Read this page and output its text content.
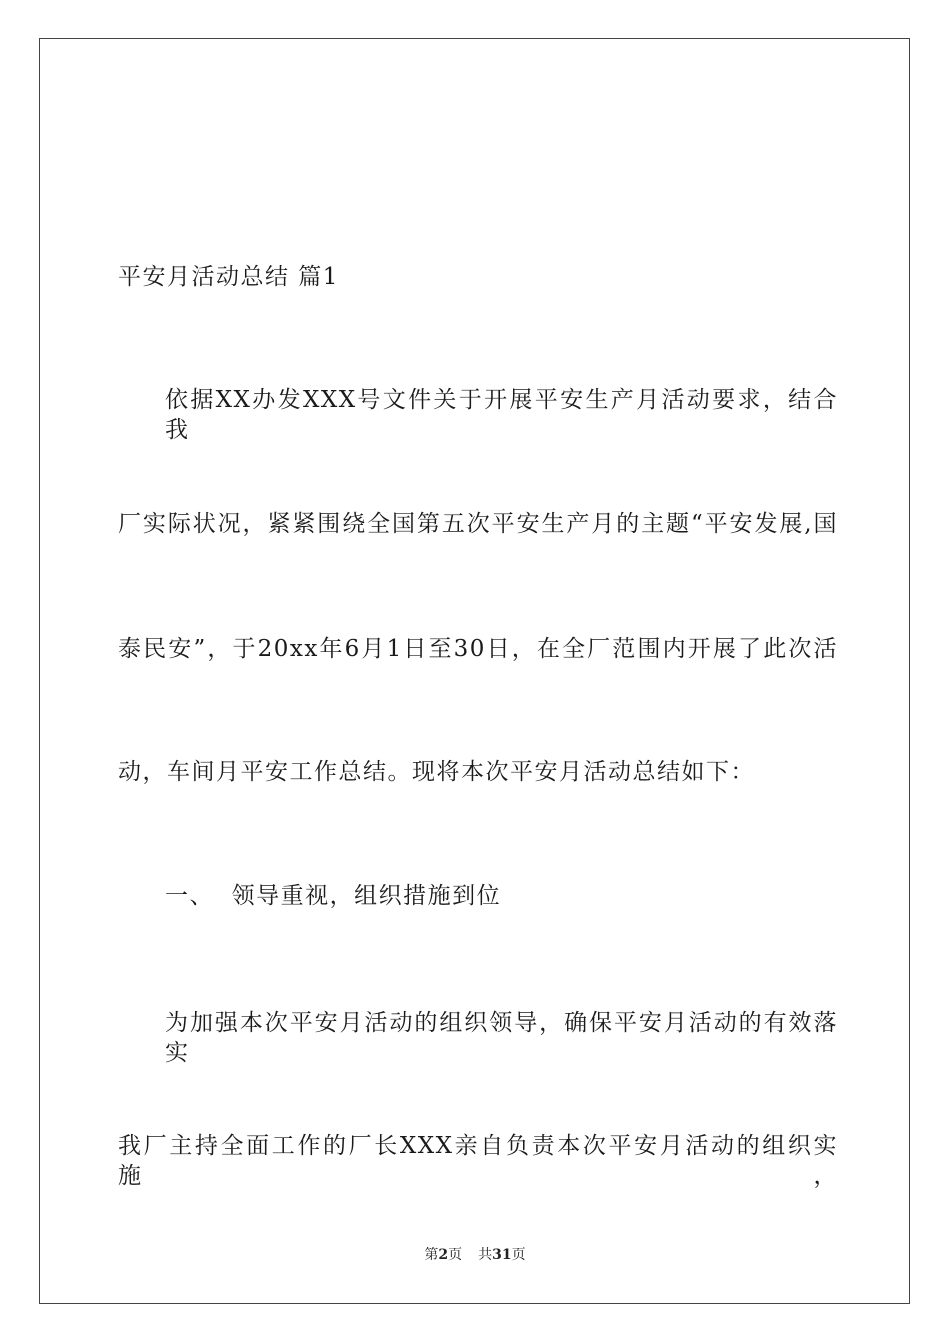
平安月活动总结 篇1
依据XX办发XXX号文件关于开展平安生产月活动要求，结合我
厂实际状况，紧紧围绕全国第五次平安生产月的主题“平安发展,国
泰民安”，于20xx年6月1日至30日，在全厂范围内开展了此次活
动，车间月平安工作总结。现将本次平安月活动总结如下：
一、  领导重视，组织措施到位
为加强本次平安月活动的组织领导，确保平安月活动的有效落实
我厂主持全面工作的厂长XXX亲自负责本次平安月活动的组织实施，
第2页 共31页
